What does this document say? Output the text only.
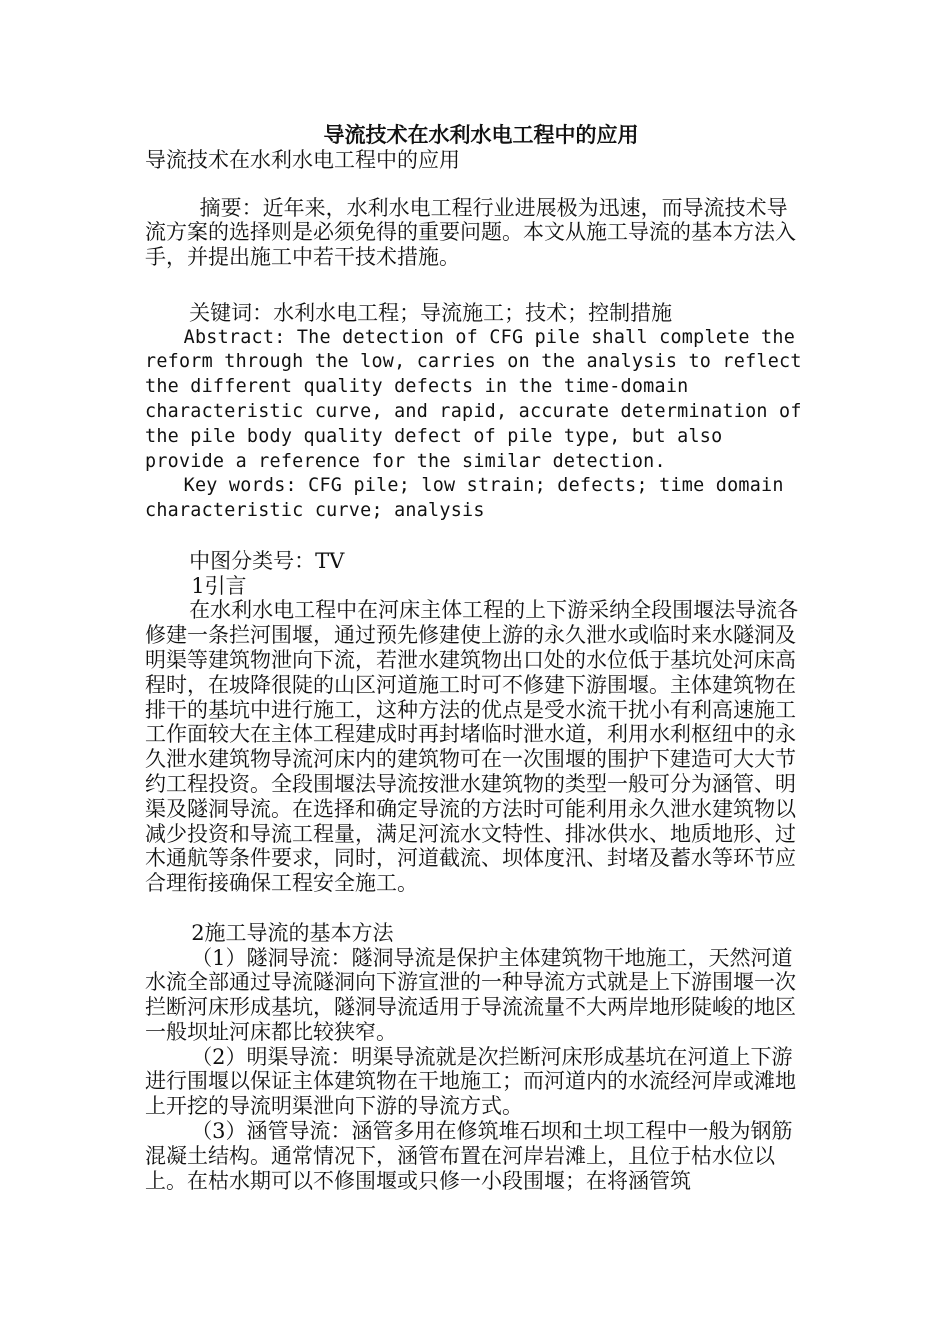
导流技术在水利水电工程中的应用

导流技术在水利水电工程中的应用

摘要：近年来，水利水电工程行业进展极为迅速，而导流技术导流方案的选择则是必须免得的重要问题。本文从施工导流的基本方法入手，并提出施工中若干技术措施。

关键词：水利水电工程；导流施工；技术；控制措施

Abstract: The detection of CFG pile shall complete the reform through the low, carries on the analysis to reflect the different quality defects in the time-domain characteristic curve, and rapid, accurate determination of the pile body quality defect of pile type, but also provide a reference for the similar detection.

Key words: CFG pile; low strain; defects; time domain characteristic curve; analysis

中图分类号：TV

1引言

在水利水电工程中在河床主体工程的上下游采纳全段围堰法导流各修建一条拦河围堰，通过预先修建使上游的永久泄水或临时来水隧洞及明渠等建筑物泄向下流，若泄水建筑物出口处的水位低于基坑处河床高程时，在坡降很陡的山区河道施工时可不修建下游围堰。主体建筑物在排干的基坑中进行施工，这种方法的优点是受水流干扰小有利高速施工工作面较大在主体工程建成时再封堵临时泄水道，利用水利枢纽中的永久泄水建筑物导流河床内的建筑物可在一次围堰的围护下建造可大大节约工程投资。全段围堰法导流按泄水建筑物的类型一般可分为涵管、明渠及隧洞导流。在选择和确定导流的方法时可能利用永久泄水建筑物以减少投资和导流工程量，满足河流水文特性、排冰供水、地质地形、过木通航等条件要求，同时，河道截流、坝体度汛、封堵及蓄水等环节应合理衔接确保工程安全施工。

2施工导流的基本方法

（1）隧洞导流：隧洞导流是保护主体建筑物干地施工，天然河道水流全部通过导流隧洞向下游宣泄的一种导流方式就是上下游围堰一次拦断河床形成基坑，隧洞导流适用于导流流量不大两岸地形陡峻的地区一般坝址河床都比较狭窄。

（2）明渠导流：明渠导流就是次拦断河床形成基坑在河道上下游进行围堰以保证主体建筑物在干地施工；而河道内的水流经河岸或滩地上开挖的导流明渠泄向下游的导流方式。

（3）涵管导流：涵管多用在修筑堆石坝和土坝工程中一般为钢筋混凝土结构。通常情况下，涵管布置在河岸岩滩上，且位于枯水位以上。在枯水期可以不修围堰或只修一小段围堰；在将涵管筑
